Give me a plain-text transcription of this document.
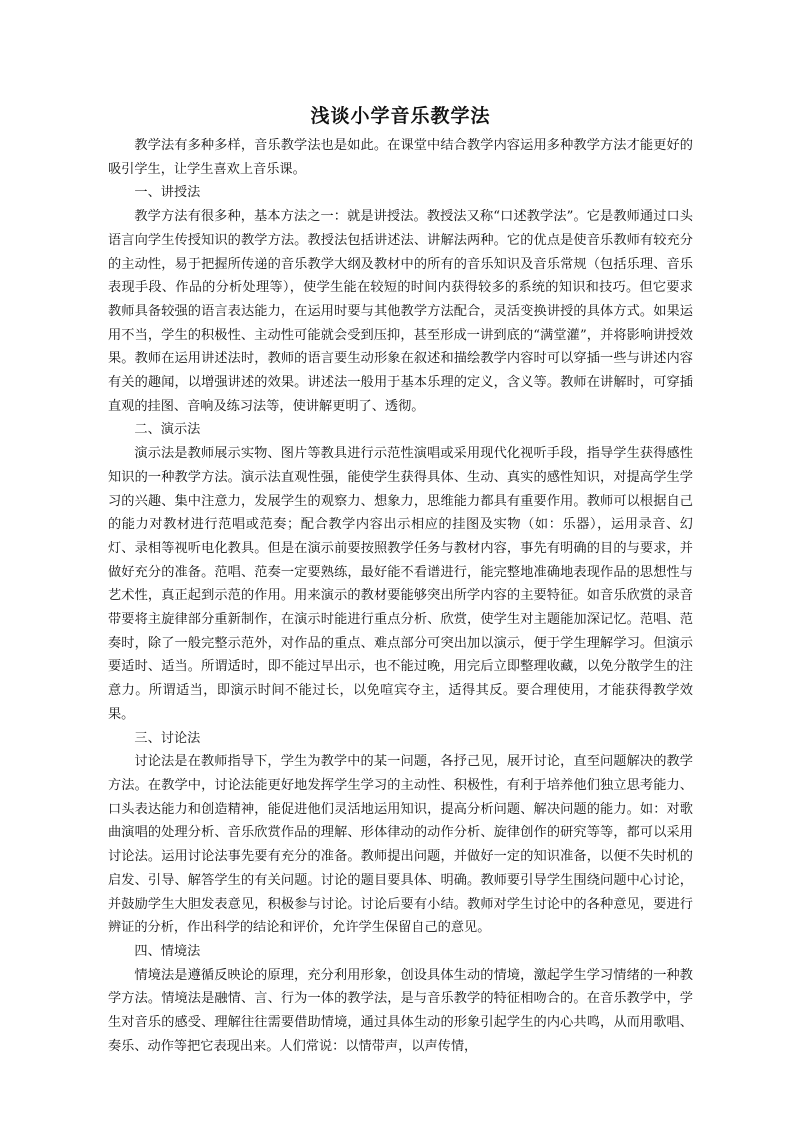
浅谈小学音乐教学法

教学法有多种多样，音乐教学法也是如此。在课堂中结合教学内容运用多种教学方法才能更好的吸引学生，让学生喜欢上音乐课。

一、讲授法

教学方法有很多种，基本方法之一：就是讲授法。教授法又称“口述教学法”。它是教师通过口头语言向学生传授知识的教学方法。教授法包括讲述法、讲解法两种。它的优点是使音乐教师有较充分的主动性，易于把握所传递的音乐教学大纲及教材中的所有的音乐知识及音乐常规（包括乐理、音乐表现手段、作品的分析处理等），使学生能在较短的时间内获得较多的系统的知识和技巧。但它要求教师具备较强的语言表达能力，在运用时要与其他教学方法配合，灵活变换讲授的具体方式。如果运用不当，学生的积极性、主动性可能就会受到压抑，甚至形成一讲到底的“满堂灌”，并将影响讲授效果。教师在运用讲述法时，教师的语言要生动形象在叙述和描绘教学内容时可以穿插一些与讲述内容有关的趣闻，以增强讲述的效果。讲述法一般用于基本乐理的定义，含义等。教师在讲解时，可穿插直观的挂图、音响及练习法等，使讲解更明了、透彻。

二、演示法

演示法是教师展示实物、图片等教具进行示范性演唱或采用现代化视听手段，指导学生获得感性知识的一种教学方法。演示法直观性强，能使学生获得具体、生动、真实的感性知识，对提高学生学习的兴趣、集中注意力，发展学生的观察力、想象力，思维能力都具有重要作用。教师可以根据自己的能力对教材进行范唱或范奏；配合教学内容出示相应的挂图及实物（如：乐器），运用录音、幻灯、录相等视听电化教具。但是在演示前要按照教学任务与教材内容，事先有明确的目的与要求，并做好充分的准备。范唱、范奏一定要熟练，最好能不看谱进行，能完整地准确地表现作品的思想性与艺术性，真正起到示范的作用。用来演示的教材要能够突出所学内容的主要特征。如音乐欣赏的录音带要将主旋律部分重新制作，在演示时能进行重点分析、欣赏，使学生对主题能加深记忆。范唱、范奏时，除了一般完整示范外，对作品的重点、难点部分可突出加以演示，便于学生理解学习。但演示要适时、适当。所谓适时，即不能过早出示，也不能过晚，用完后立即整理收藏，以免分散学生的注意力。所谓适当，即演示时间不能过长，以免喧宾夺主，适得其反。要合理使用，才能获得教学效果。

三、讨论法

讨论法是在教师指导下，学生为教学中的某一问题，各抒己见，展开讨论，直至问题解决的教学方法。在教学中，讨论法能更好地发挥学生学习的主动性、积极性，有利于培养他们独立思考能力、口头表达能力和创造精神，能促进他们灵活地运用知识，提高分析问题、解决问题的能力。如：对歌曲演唱的处理分析、音乐欣赏作品的理解、形体律动的动作分析、旋律创作的研究等等，都可以采用讨论法。运用讨论法事先要有充分的准备。教师提出问题，并做好一定的知识准备，以便不失时机的启发、引导、解答学生的有关问题。讨论的题目要具体、明确。教师要引导学生围绕问题中心讨论，并鼓励学生大胆发表意见，积极参与讨论。讨论后要有小结。教师对学生讨论中的各种意见，要进行辨证的分析，作出科学的结论和评价，允许学生保留自己的意见。

四、情境法

情境法是遵循反映论的原理，充分利用形象，创设具体生动的情境，激起学生学习情绪的一种教学方法。情境法是融情、言、行为一体的教学法，是与音乐教学的特征相吻合的。在音乐教学中，学生对音乐的感受、理解往往需要借助情境，通过具体生动的形象引起学生的内心共鸣，从而用歌唱、奏乐、动作等把它表现出来。人们常说：以情带声，以声传情，
